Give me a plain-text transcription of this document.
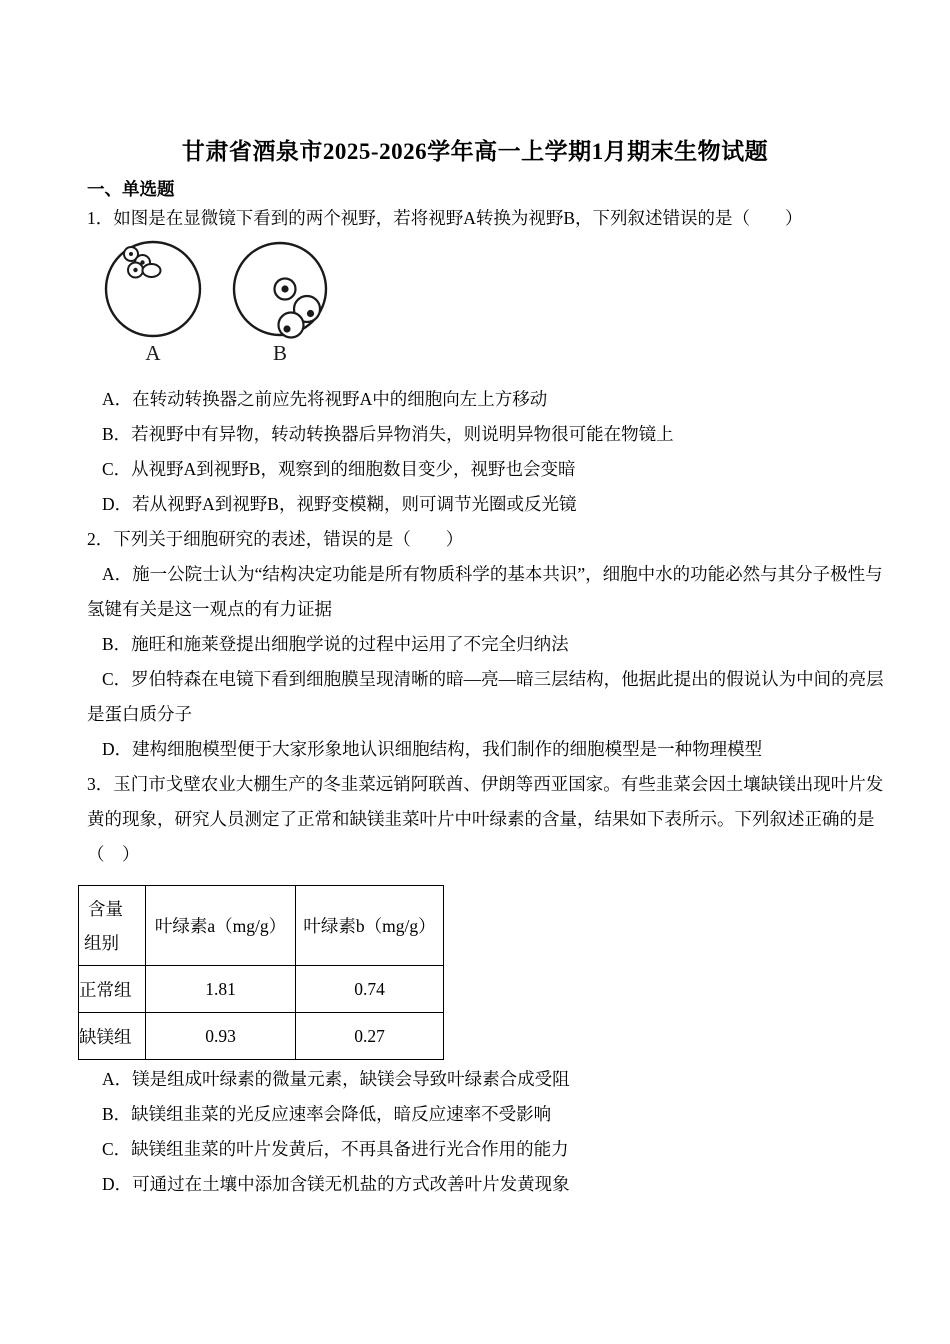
甘肃省酒泉市2025-2026学年高一上学期1月期末生物试题
一、单选题

1．如图是在显微镜下看到的两个视野，若将视野A转换为视野B，下列叙述错误的是（　　）

A	B

A．在转动转换器之前应先将视野A中的细胞向左上方移动

B．若视野中有异物，转动转换器后异物消失，则说明异物很可能在物镜上

C．从视野A到视野B，观察到的细胞数目变少，视野也会变暗

D．若从视野A到视野B，视野变模糊，则可调节光圈或反光镜

2．下列关于细胞研究的表述，错误的是（　　）

A．施一公院士认为“结构决定功能是所有物质科学的基本共识”，细胞中水的功能必然与其分子极性与氢键有关是这一观点的有力证据

B．施旺和施莱登提出细胞学说的过程中运用了不完全归纳法

C．罗伯特森在电镜下看到细胞膜呈现清晰的暗—亮—暗三层结构，他据此提出的假说认为中间的亮层是蛋白质分子

D．建构细胞模型便于大家形象地认识细胞结构，我们制作的细胞模型是一种物理模型

3．玉门市戈壁农业大棚生产的冬韭菜远销阿联酋、伊朗等西亚国家。有些韭菜会因土壤缺镁出现叶片发黄的现象，研究人员测定了正常和缺镁韭菜叶片中叶绿素的含量，结果如下表所示。下列叙述正确的是（　）

含量
组别	叶绿素a（mg/g）	叶绿素b（mg/g）
正常组	1.81	0.74
缺镁组	0.93	0.27

A．镁是组成叶绿素的微量元素，缺镁会导致叶绿素合成受阻

B．缺镁组韭菜的光反应速率会降低，暗反应速率不受影响

C．缺镁组韭菜的叶片发黄后，不再具备进行光合作用的能力

D．可通过在土壤中添加含镁无机盐的方式改善叶片发黄现象
